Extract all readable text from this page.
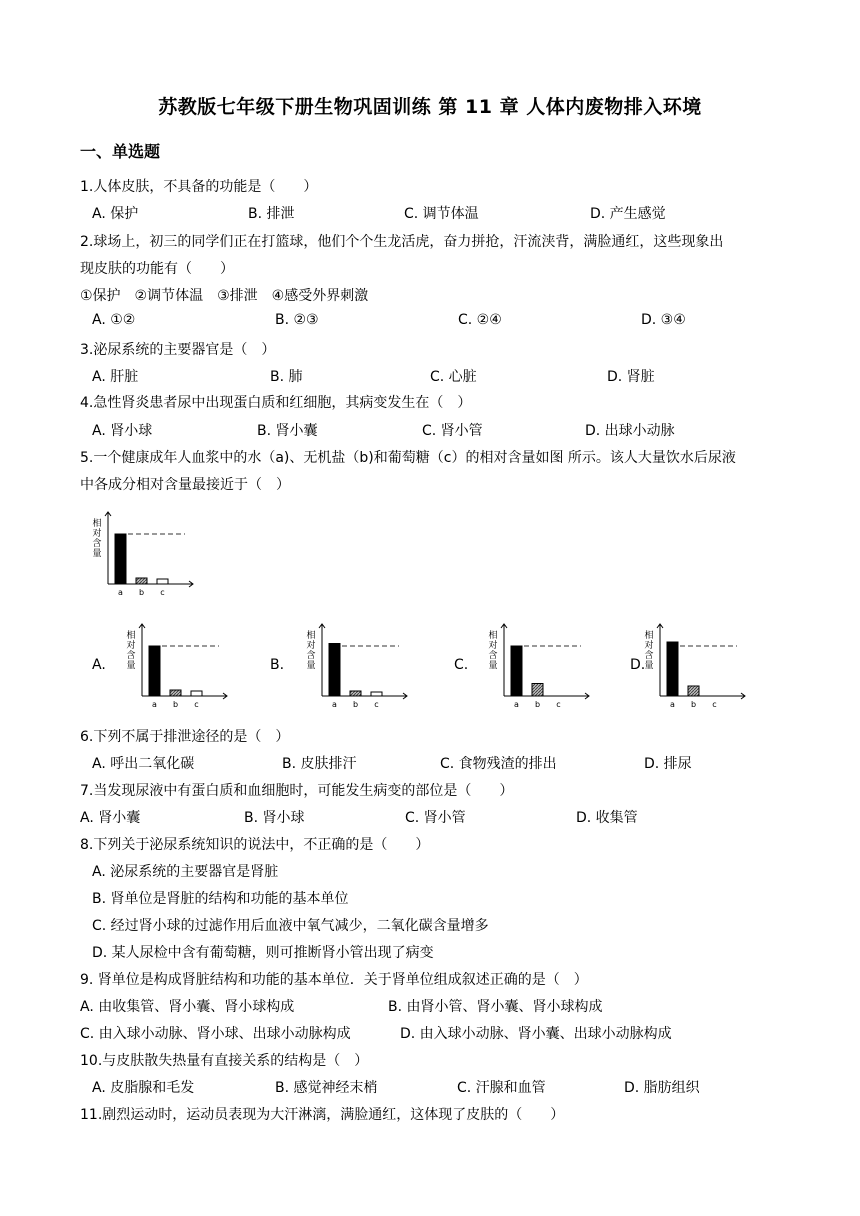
苏教版七年级下册生物巩固训练 第 11 章 人体内废物排入环境
一、单选题
1.人体皮肤，不具备的功能是（　　）
A. 保护	B. 排泄	C. 调节体温	D. 产生感觉
2.球场上，初三的同学们正在打篮球，他们个个生龙活虎，奋力拼抢，汗流浃背，满脸通红，这些现象出
现皮肤的功能有（　　）
①保护　②调节体温　③排泄　④感受外界刺激
A. ①②	B. ②③	C. ②④	D. ③④
3.泌尿系统的主要器官是（　）
A. 肝脏	B. 肺	C. 心脏	D. 肾脏
4.急性肾炎患者尿中出现蛋白质和红细胞，其病变发生在（　）
A. 肾小球	B. 肾小囊	C. 肾小管	D. 出球小动脉
5.一个健康成年人血浆中的水（a)、无机盐（b)和葡萄糖（c）的相对含量如图 所示。该人大量饮水后尿液
中各成分相对含量最接近于（　）
相
对
含
量
a b c
A.
相
对
含
量
a b c
B.
相
对
含
量
a b c
C.
相
对
含
量
a b c
D.
相
对
含
量
a b c
6.下列不属于排泄途径的是（　）
A. 呼出二氧化碳	B. 皮肤排汗	C. 食物残渣的排出	D. 排尿
7.当发现尿液中有蛋白质和血细胞时，可能发生病变的部位是（　　）
A. 肾小囊	B. 肾小球	C. 肾小管	D. 收集管
8.下列关于泌尿系统知识的说法中，不正确的是（　　）
A. 泌尿系统的主要器官是肾脏
B. 肾单位是肾脏的结构和功能的基本单位
C. 经过肾小球的过滤作用后血液中氧气减少，二氧化碳含量增多
D. 某人尿检中含有葡萄糖，则可推断肾小管出现了病变
9. 肾单位是构成肾脏结构和功能的基本单位．关于肾单位组成叙述正确的是（　）
A. 由收集管、肾小囊、肾小球构成	B. 由肾小管、肾小囊、肾小球构成
C. 由入球小动脉、肾小球、出球小动脉构成	D. 由入球小动脉、肾小囊、出球小动脉构成
10.与皮肤散失热量有直接关系的结构是（　）
A. 皮脂腺和毛发	B. 感觉神经末梢	C. 汗腺和血管	D. 脂肪组织
11.剧烈运动时，运动员表现为大汗淋漓，满脸通红，这体现了皮肤的（　　）
